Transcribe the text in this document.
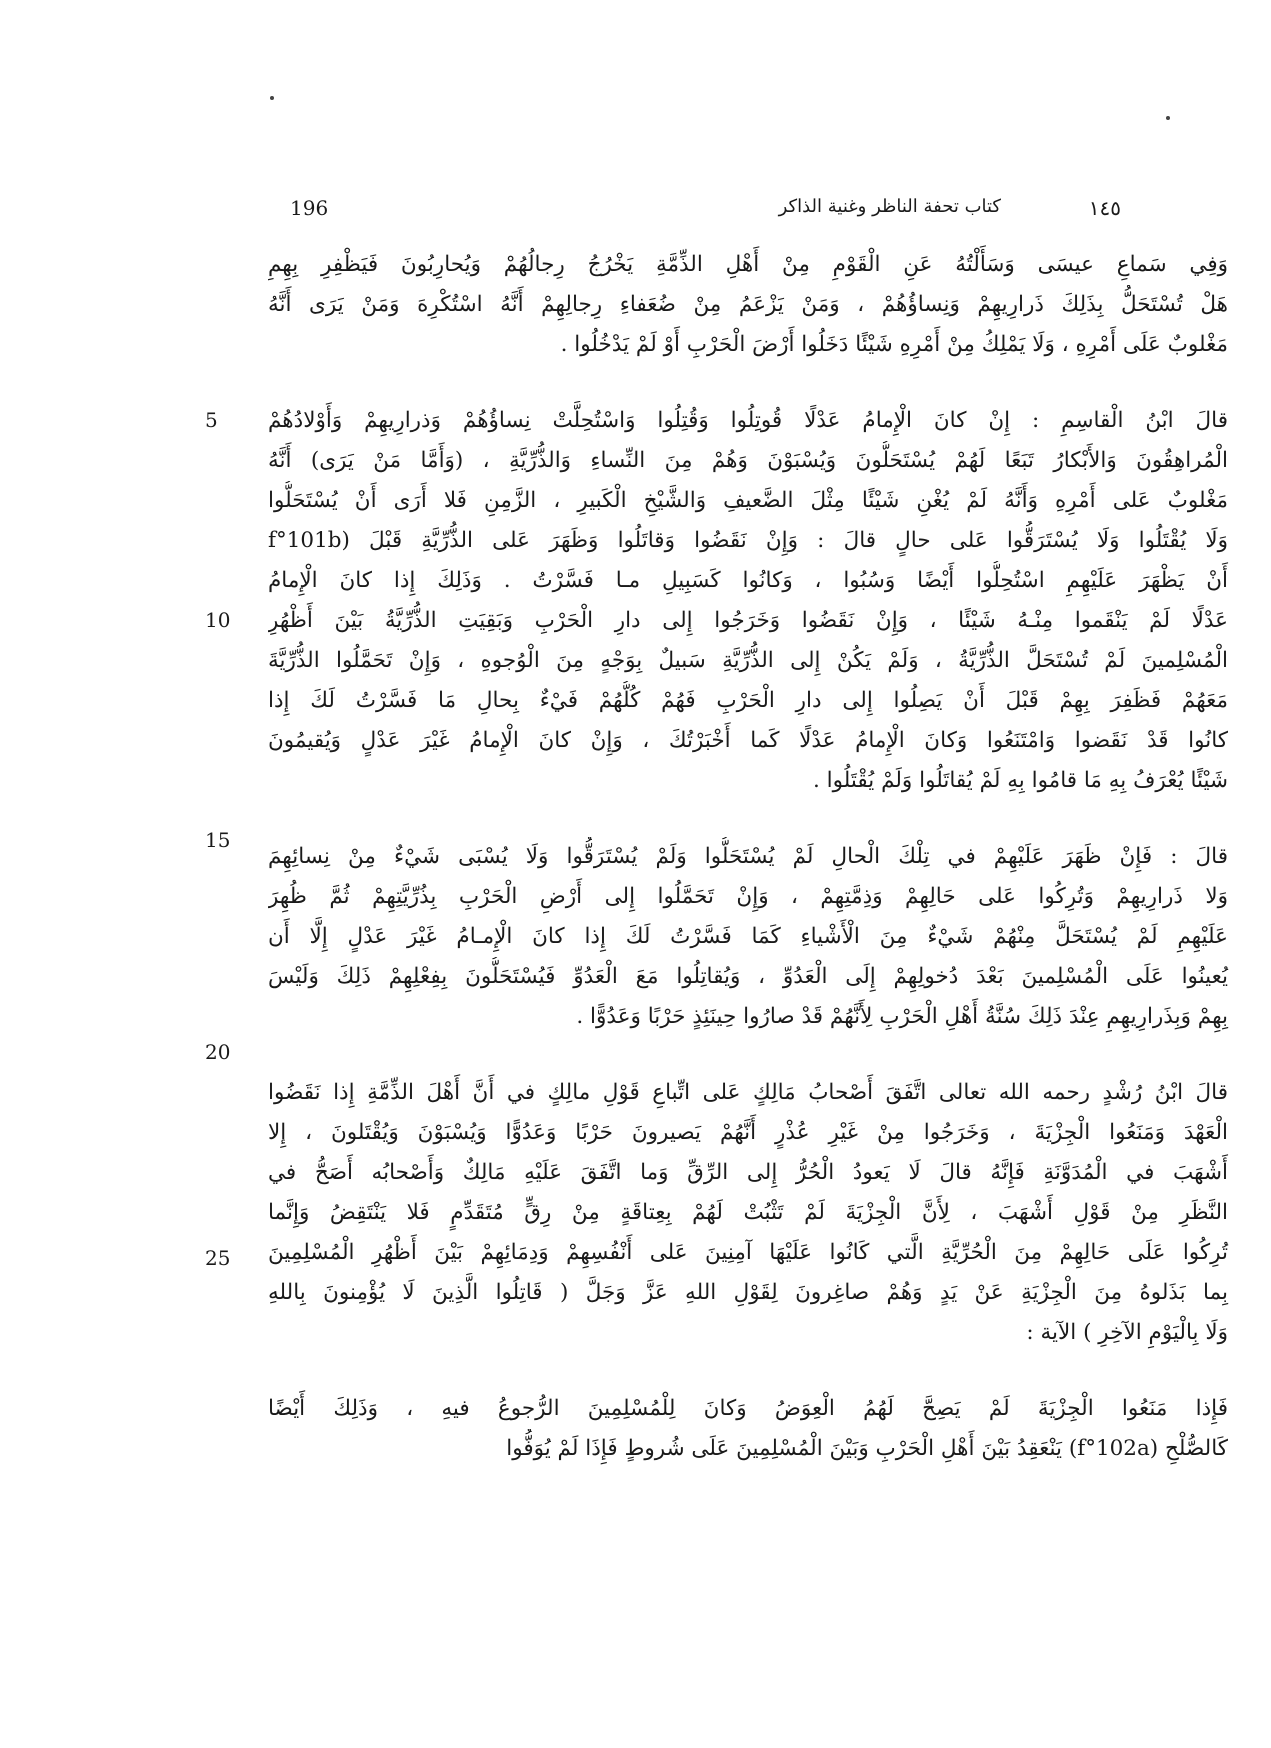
196	كتاب تحفة الناظر وغنية الذاكر	١٤٥
5
10
15
20
25
وَفِي سَماعِ عيسَى وَسَأَلْتُهُ عَنِ الْقَوْمِ مِنْ أَهْلِ الذِّمَّةِ يَخْرُجُ رِجالُهُمْ وَيُحارِبُونَ فَيَظْفِرِ بِهِمِ
هَلْ تُسْتَحَلُّ بِذَلِكَ ذَرارِيهِمْ وَنِساؤُهُمْ ، وَمَنْ يَزْعَمُ مِنْ ضُعَفاءِ رِجالِهِمْ أَنَّهُ اسْتُكْرِهَ وَمَنْ يَرَى أَنَّهُ
مَغْلوبٌ عَلَى أَمْرِهِ ، وَلَا يَمْلِكُ مِنْ أَمْرِهِ شَيْئًا دَخَلُوا أَرْضَ الْحَرْبِ أَوْ لَمْ يَدْخُلُوا .
قالَ ابْنُ الْقاسِمِ : إِنْ كانَ الْإِمامُ عَدْلًا قُوتِلُوا وَقُتِلُوا وَاسْتُحِلَّتْ نِساؤُهُمْ وَذرارِيهِمْ وَأَوْلادُهُمْ
الْمُراهِقُونَ وَالأَبْكارُ تَبَعًا لَهُمْ يُسْتَحَلُّونَ وَيُسْبَوْنَ وَهُمْ مِنَ النِّساءِ وَالذُّرِّيَّةِ ، (وَأَمَّا مَنْ يَرَى) أَنَّهُ
مَغْلوبٌ عَلى أَمْرِهِ وَأَنَّهُ لَمْ يُغْنِ شَيْئًا مِثْلَ الضَّعيفِ وَالشَّيْخِ الْكَبيرِ ، الزَّمِنِ فَلا أَرَى أَنْ يُسْتَحَلُّوا
وَلَا يُقْتَلُوا وَلَا يُسْتَرَقُّوا عَلى حالٍ قالَ : وَإِنْ نَقَضُوا وَقاتَلُوا وَظَهَرَ عَلى الذُّرِّيَّةِ قَبْلَ (f°101b
أَنْ يَظْهَرَ عَلَيْهِمِ اسْتُحِلُّوا أَيْضًا وَسُبُوا ، وَكانُوا كَسَبِيلِ مـا فَسَّرْتُ . وَذَلِكَ إِذا كانَ الْإِمامُ
عَدْلًا لَمْ يَنْقَموا مِنْـهُ شَيْئًا ، وَإِنْ نَقَضُوا وَخَرَجُوا إِلى دارِ الْحَرْبِ وَبَقِيَتِ الذُّرِّيَّةُ بَيْنَ أَظْهُرِ
الْمُسْلِمينَ لَمْ تُسْتَحَلَّ الذُّرِّيَّةُ ، وَلَمْ يَكُنْ إِلى الذُّرِّيَّةِ سَبيلٌ بِوَجْهٍ مِنَ الْوُجوهِ ، وَإِنْ تَحَمَّلُوا الذُّرِّيَّةَ
مَعَهُمْ فَظَفِرَ بِهِمْ قَبْلَ أَنْ يَصِلُوا إِلى دارِ الْحَرْبِ فَهُمْ كُلُّهُمْ فَيْءٌ بِحالِ مَا فَسَّرْتُ لَكَ إِذا
كانُوا قَدْ نَقَضوا وَامْتَنَعُوا وَكانَ الْإِمامُ عَدْلًا كَما أَخْبَرْتُكَ ، وَإِنْ كانَ الْإِمامُ غَيْرَ عَدْلٍ وَيُقيمُونَ
شَيْئًا يُعْرَفُ بِهِ مَا قامُوا بِهِ لَمْ يُقاتَلُوا وَلَمْ يُقْتَلُوا .
قالَ : فَإِنْ ظَهَرَ عَلَيْهِمْ في تِلْكَ الْحالِ لَمْ يُسْتَحَلُّوا وَلَمْ يُسْتَرَقُّوا وَلَا يُسْبَى شَيْءٌ مِنْ نِسائِهِمَ
وَلا ذَرارِيهِمْ وَتُرِكُوا عَلى حَالِهِمْ وَذِمَّتِهِمْ ، وَإِنْ تَحَمَّلُوا إِلى أَرْضِ الْحَرْبِ بِذُرِّيَّتِهِمْ ثُمَّ ظُهِرَ
عَلَيْهِمِ لَمْ يُسْتَحَلَّ مِنْهُمْ شَيْءٌ مِنَ الْأَشْياءِ كَمَا فَسَّرْتُ لَكَ إِذا كانَ الْإِمـامُ غَيْرَ عَدْلٍ إِلَّا أَن
يُعينُوا عَلَى الْمُسْلِمينَ بَعْدَ دُخولِهِمْ إِلَى الْعَدُوِّ ، وَيُقاتِلُوا مَعَ الْعَدُوِّ فَيُسْتَحَلُّونَ بِفِعْلِهِمْ ذَلِكَ وَلَيْسَ
بِهِمْ وَبِذَرارِيهِمِ عِنْدَ ذَلِكَ سُنَّةُ أَهْلِ الْحَرْبِ لِأَنَّهُمْ قَدْ صارُوا حِينَئِذٍ حَرْبًا وَعَدُوًّا .
قالَ ابْنُ رُشْدٍ رحمه الله تعالى اتَّفَقَ أَصْحابُ مَالِكٍ عَلى اتِّباعِ قَوْلِ مالِكٍ في أَنَّ أَهْلَ الذِّمَّةِ إِذا نَقَضُوا
الْعَهْدَ وَمَنَعُوا الْجِزْيَةَ ، وَخَرَجُوا مِنْ غَيْرِ عُذْرٍ أَنَّهُمْ يَصيرونَ حَرْبًا وَعَدُوًّا وَيُسْبَوْنَ وَيُقْتَلونَ ، إِلا
أَشْهَبَ في الْمُدَوَّنَةِ فَإِنَّهُ قالَ لَا يَعودُ الْحُرُّ إِلى الرِّقِّ وَما اتَّفَقَ عَلَيْهِ مَالِكٌ وَأَصْحابُه أَصَحُّ في
النَّظَرِ مِنْ قَوْلِ أَشْهَبَ ، لِأَنَّ الْجِزْيَةَ لَمْ تَثْبُتْ لَهُمْ بِعِتاقَةٍ مِنْ رِقٍّ مُتَقَدِّمٍ فَلا يَنْتَقِضُ وَإِنَّما
تُرِكُوا عَلَى حَالِهِمْ مِنَ الْحُرِّيَّةِ الَّتي كَانُوا عَلَيْهَا آمِنِينَ عَلى أَنْفُسِهِمْ وَدِمَائِهِمْ بَيْنَ أَظْهُرِ الْمُسْلِمِينَ
بِما بَذَلوهُ مِنَ الْجِزْيَةِ عَنْ يَدٍ وَهُمْ صاغِرونَ لِقَوْلِ اللهِ عَزَّ وَجَلَّ ( قَاتِلُوا الَّذِينَ لَا يُؤْمِنونَ بِاللهِ
وَلَا بِالْيَوْمِ الآخِرِ ) الآية :
فَإِذا مَنَعُوا الْجِزْيَةَ لَمْ يَصِحَّ لَهُمُ الْعِوَضُ وَكانَ لِلْمُسْلِمِينَ الرُّجوعُ فيهِ ، وَذَلِكَ أَيْضًا
كَالصُّلْحِ (f°102a) يَنْعَقِدُ بَيْنَ أَهْلِ الْحَرْبِ وَبَيْنَ الْمُسْلِمِينَ عَلَى شُروطٍ فَإِذَا لَمْ يُوَفُّوا
